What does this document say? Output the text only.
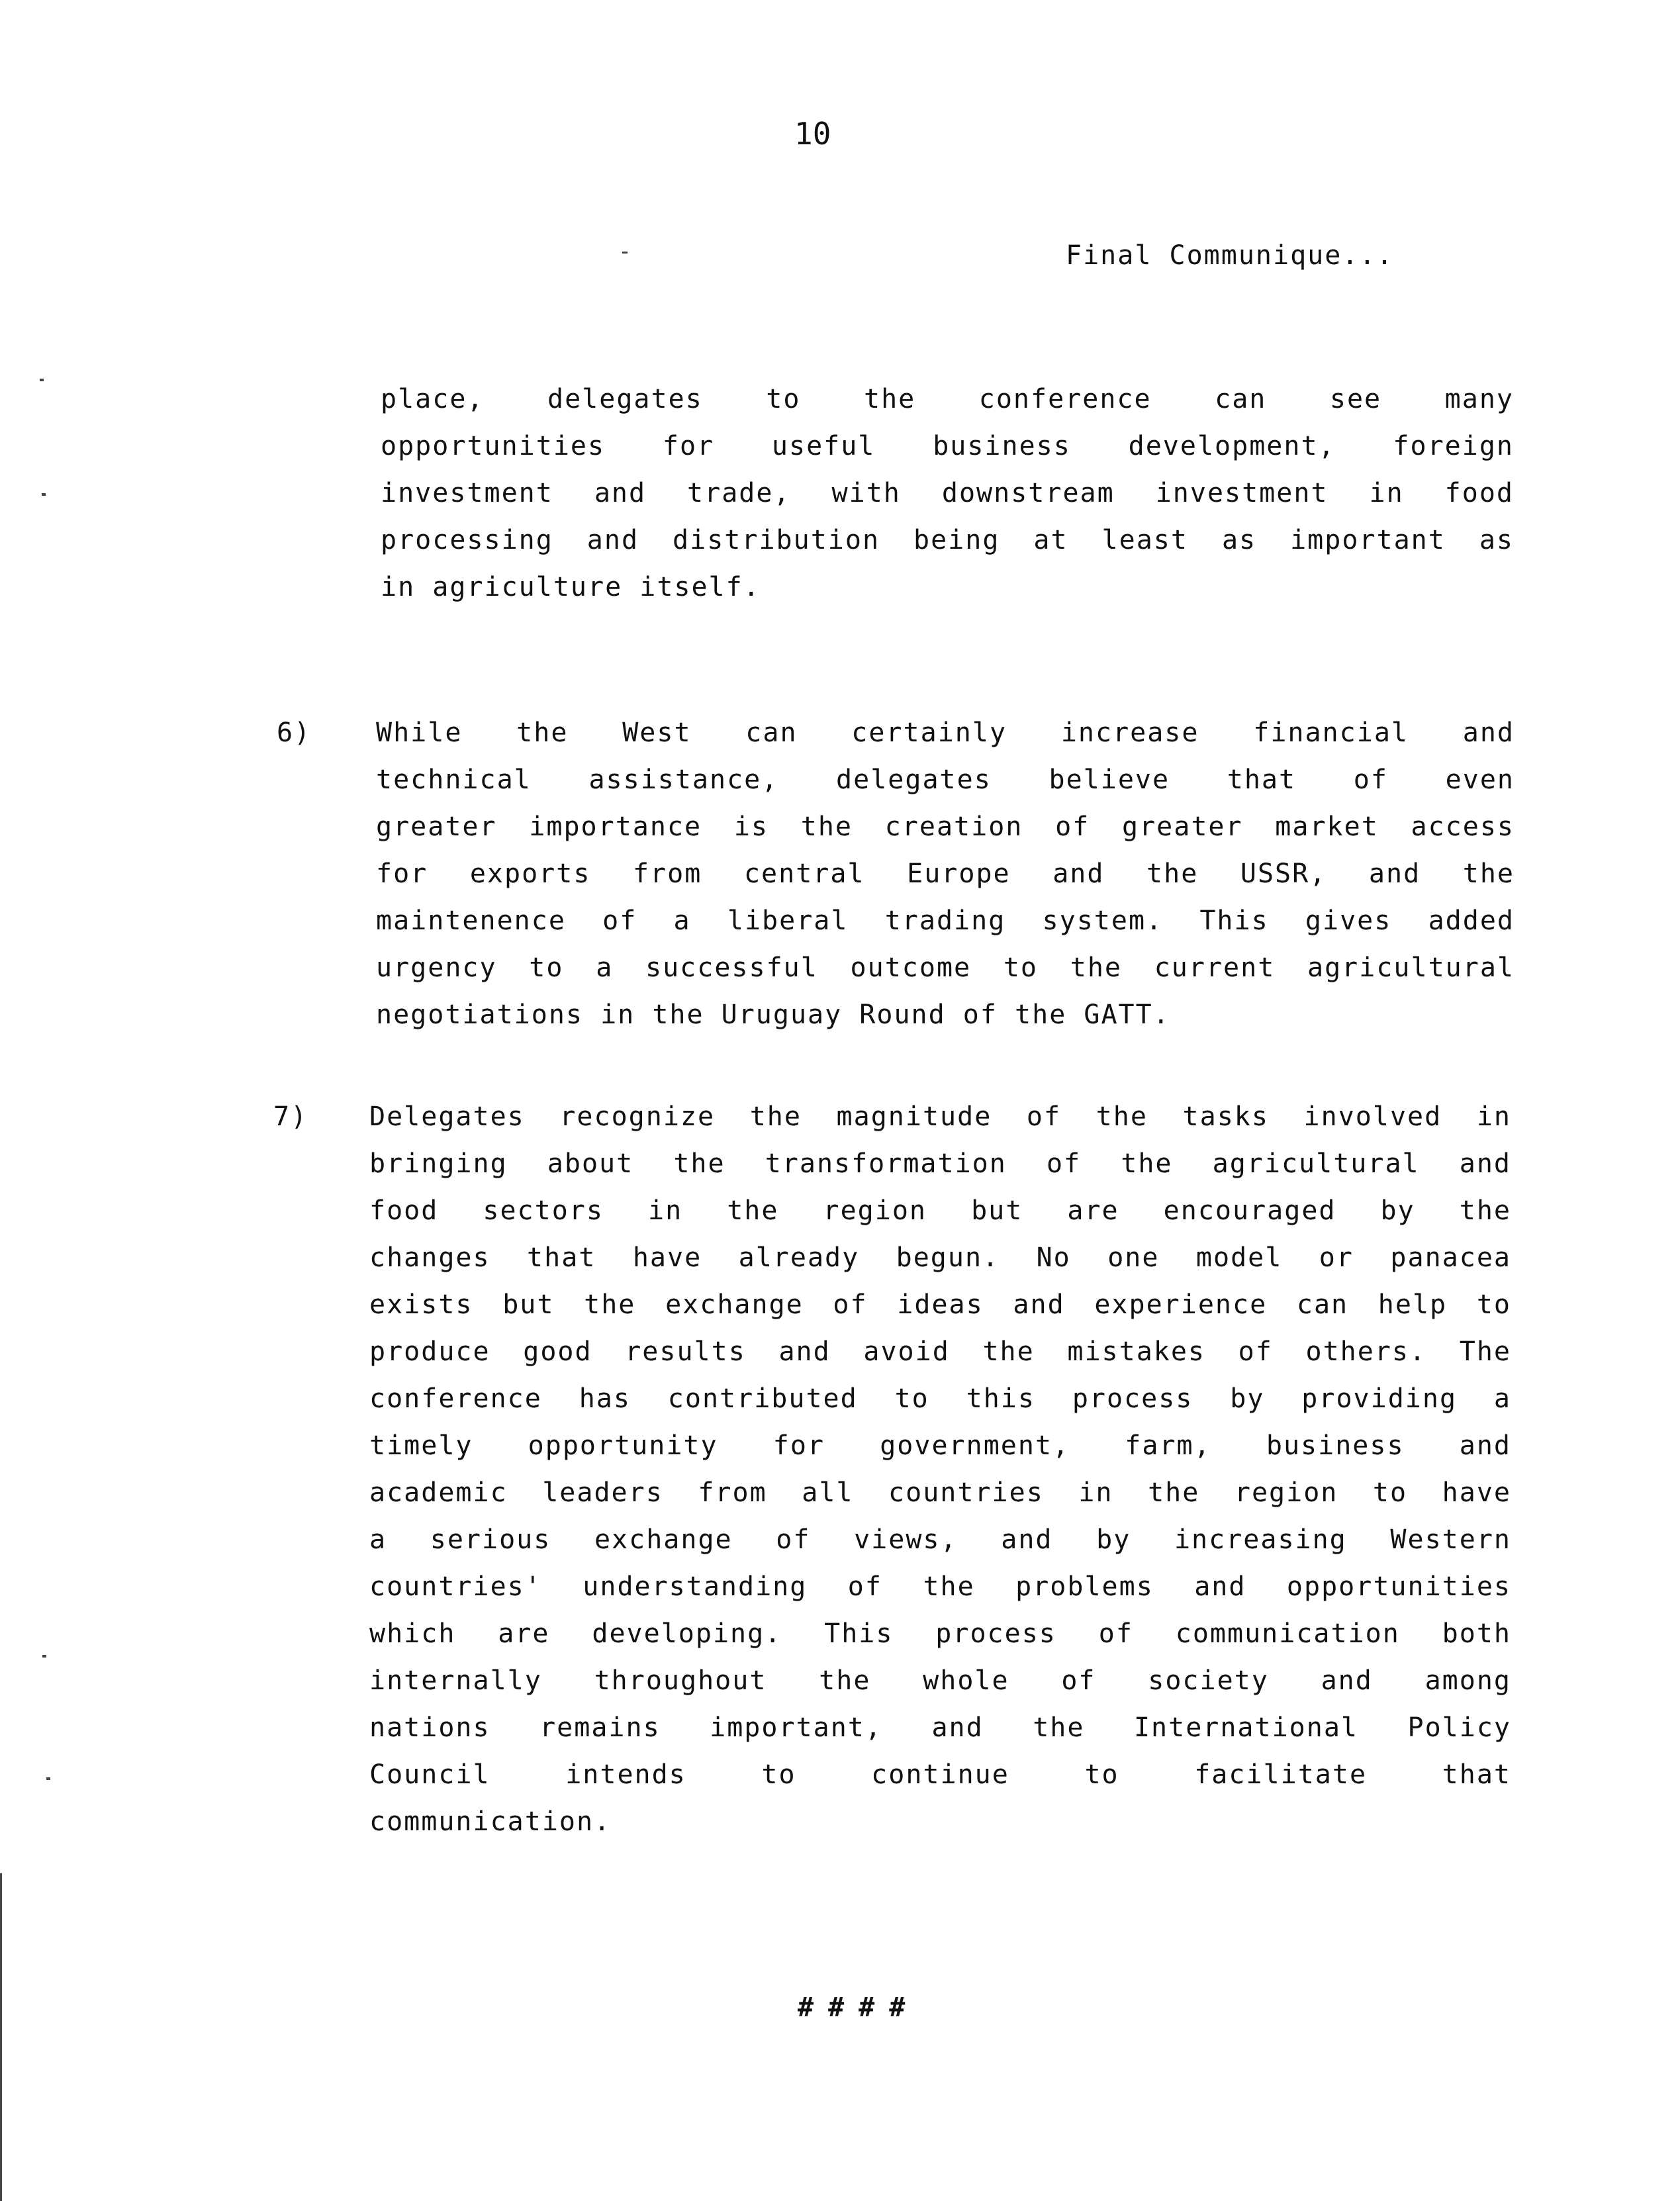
10
Final Communique...
place, delegates to the conference can see many
opportunities for useful business development, foreign
investment and trade, with downstream investment in food
processing and distribution being at least as important as
in agriculture itself.
6) While the West can certainly increase financial and
technical assistance, delegates believe that of even
greater importance is the creation of greater market access
for exports from central Europe and the USSR, and the
maintenence of a liberal trading system. This gives added
urgency to a successful outcome to the current agricultural
negotiations in the Uruguay Round of the GATT.
7) Delegates recognize the magnitude of the tasks involved in
bringing about the transformation of the agricultural and
food sectors in the region but are encouraged by the
changes that have already begun. No one model or panacea
exists but the exchange of ideas and experience can help to
produce good results and avoid the mistakes of others. The
conference has contributed to this process by providing a
timely opportunity for government, farm, business and
academic leaders from all countries in the region to have
a serious exchange of views, and by increasing Western
countries' understanding of the problems and opportunities
which are developing. This process of communication both
internally throughout the whole of society and among
nations remains important, and the International Policy
Council intends to continue to facilitate that
communication.
####
